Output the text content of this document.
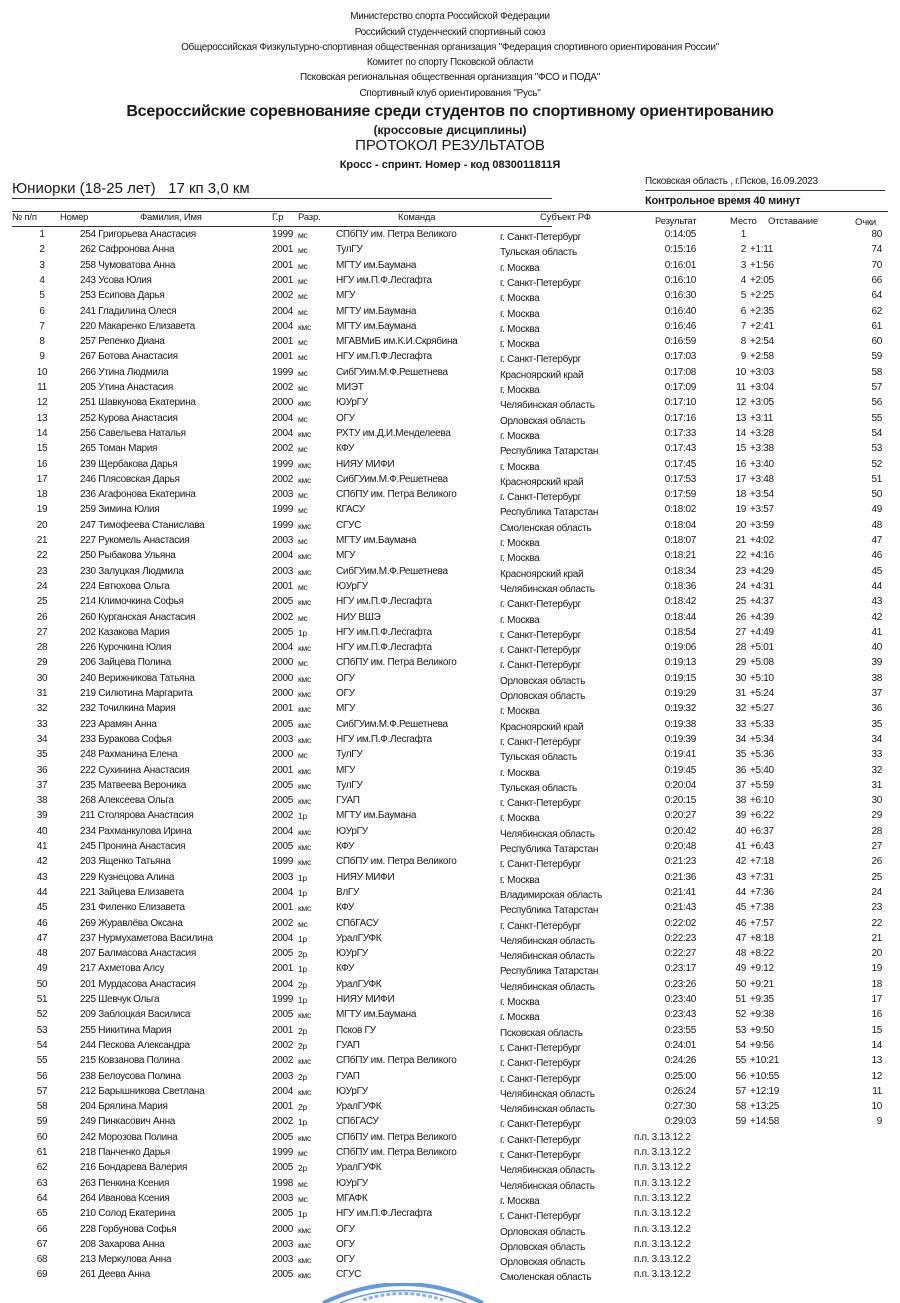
Министерство спорта Российской Федерации
Российский студенческий спортивный союз
Общероссийская Физкультурно-спортивная общественная организация "Федерация спортивного ориентирования России"
Комитет по спорту Псковской области
Псковская региональная общественная организация "ФСО и ПОДА"
Спортивный клуб ориентирования "Русь"
Всероссийские соревнованияе среди студентов по спортивному ориентированию
(кроссовые дисциплины)
ПРОТОКОЛ РЕЗУЛЬТАТОВ
Кросс - спринт. Номер - код 0830011811Я
Юниорки (18-25 лет)   17 кп 3,0 км	Псковская область , г.Псков, 16.09.2023
Контрольное время 40 минут
№ п/п Номер	Фамилия, Имя	Г.р Разр.	Команда	Субъект РФ	Результат	Место Отставание	Очки
1	254 Григорьева Анастасия	1999 мс	СПбПУ им. Петра Великого	г. Санкт-Петербург	0:14:05	1	80
2	262 Сафронова Анна	2001 мс	ТулГУ	Тульская область	0:15:16	2 +1:11	74
3	258 Чумоватова Анна	2001 мс	МГТУ им.Баумана	г. Москва	0:16:01	3 +1:56	70
4	243 Усова Юлия	2001 мс	НГУ им.П.Ф.Лесгафта	г. Санкт-Петербург	0:16:10	4 +2:05	66
5	253 Есипова Дарья	2002 мс	МГУ	г. Москва	0:16:30	5 +2:25	64
6	241 Гладилина Олеся	2004 мс	МГТУ им.Баумана	г. Москва	0:16:40	6 +2:35	62
7	220 Макаренко Елизавета	2004 кмс	МГТУ им.Баумана	г. Москва	0:16:46	7 +2:41	61
8	257 Репенко Диана	2001 мс	МГАВМиБ им.К.И.Скрябина	г. Москва	0:16:59	8 +2:54	60
9	267 Ботова Анастасия	2001 мс	НГУ им.П.Ф.Лесгафта	г. Санкт-Петербург	0:17:03	9 +2:58	59
10	266 Утина Людмила	1999 мс	СибГУим.М.Ф.Решетнева	Красноярский край	0:17:08	10 +3:03	58
11	205 Утина Анастасия	2002 мс	МИЭТ	г. Москва	0:17:09	11 +3:04	57
12	251 Шавкунова Екатерина	2000 кмс	ЮУрГУ	Челябинская область	0:17:10	12 +3:05	56
13	252 Курова Анастасия	2004 мс	ОГУ	Орловская область	0:17:16	13 +3:11	55
14	256 Савельева Наталья	2004 кмс	РХТУ им.Д.И.Менделеева	г. Москва	0:17:33	14 +3:28	54
15	265 Томан Мария	2002 мс	КФУ	Республика Татарстан	0:17:43	15 +3:38	53
16	239 Щербакова Дарья	1999 кмс	НИЯУ МИФИ	г. Москва	0:17:45	16 +3:40	52
17	246 Плясовская Дарья	2002 кмс	СибГУим.М.Ф.Решетнева	Красноярский край	0:17:53	17 +3:48	51
18	236 Агафонова Екатерина	2003 мс	СПбПУ им. Петра Великого	г. Санкт-Петербург	0:17:59	18 +3:54	50
19	259 Зимина Юлия	1999 мс	КГАСУ	Республика Татарстан	0:18:02	19 +3:57	49
20	247 Тимофеева Станислава	1999 кмс	СГУС	Смоленская область	0:18:04	20 +3:59	48
21	227 Рукомель Анастасия	2003 мс	МГТУ им.Баумана	г. Москва	0:18:07	21 +4:02	47
22	250 Рыбакова Ульяна	2004 кмс	МГУ	г. Москва	0:18:21	22 +4:16	46
23	230 Залуцкая Людмила	2003 кмс	СибГУим.М.Ф.Решетнева	Красноярский край	0:18:34	23 +4:29	45
24	224 Евтюхова Ольга	2001 мс	ЮУрГУ	Челябинская область	0:18:36	24 +4:31	44
25	214 Климочкина Софья	2005 кмс	НГУ им.П.Ф.Лесгафта	г. Санкт-Петербург	0:18:42	25 +4:37	43
26	260 Курганская Анастасия	2002 мс	НИУ ВШЭ	г. Москва	0:18:44	26 +4:39	42
27	202 Казакова Мария	2005 1р	НГУ им.П.Ф.Лесгафта	г. Санкт-Петербург	0:18:54	27 +4:49	41
28	226 Курочкина Юлия	2004 кмс	НГУ им.П.Ф.Лесгафта	г. Санкт-Петербург	0:19:06	28 +5:01	40
29	206 Зайцева Полина	2000 мс	СПбПУ им. Петра Великого	г. Санкт-Петербург	0:19:13	29 +5:08	39
30	240 Верижникова Татьяна	2000 кмс	ОГУ	Орловская область	0:19:15	30 +5:10	38
31	219 Силютина Маргарита	2000 кмс	ОГУ	Орловская область	0:19:29	31 +5:24	37
32	232 Точилкина Мария	2001 кмс	МГУ	г. Москва	0:19:32	32 +5:27	36
33	223 Арамян Анна	2005 кмс	СибГУим.М.Ф.Решетнева	Красноярский край	0:19:38	33 +5:33	35
34	233 Буракова Софья	2003 кмс	НГУ им.П.Ф.Лесгафта	г. Санкт-Петербург	0:19:39	34 +5:34	34
35	248 Рахманина Елена	2000 мс	ТулГУ	Тульская область	0:19:41	35 +5:36	33
36	222 Сухинина Анастасия	2001 кмс	МГУ	г. Москва	0:19:45	36 +5:40	32
37	235 Матвеева Вероника	2005 кмс	ТулГУ	Тульская область	0:20:04	37 +5:59	31
38	268 Алексеева Ольга	2005 кмс	ГУАП	г. Санкт-Петербург	0:20:15	38 +6:10	30
39	211 Столярова Анастасия	2002 1р	МГТУ им.Баумана	г. Москва	0:20:27	39 +6:22	29
40	234 Рахманкулова Ирина	2004 кмс	ЮУрГУ	Челябинская область	0:20:42	40 +6:37	28
41	245 Пронина Анастасия	2005 кмс	КФУ	Республика Татарстан	0:20:48	41 +6:43	27
42	203 Ященко Татьяна	1999 кмс	СПбПУ им. Петра Великого	г. Санкт-Петербург	0:21:23	42 +7:18	26
43	229 Кузнецова Алина	2003 1р	НИЯУ МИФИ	г. Москва	0:21:36	43 +7:31	25
44	221 Зайцева Елизавета	2004 1р	ВлГУ	Владимирская область	0:21:41	44 +7:36	24
45	231 Филенко Елизавета	2001 кмс	КФУ	Республика Татарстан	0:21:43	45 +7:38	23
46	269 Журавлёва Оксана	2002 мс	СПбГАСУ	г. Санкт-Петербург	0:22:02	46 +7:57	22
47	237 Нурмухаметова Василина	2004 1р	УралГУФК	Челябинская область	0:22:23	47 +8:18	21
48	207 Балмасова Анастасия	2005 2р	ЮУрГУ	Челябинская область	0:22:27	48 +8:22	20
49	217 Ахметова Алсу	2001 1р	КФУ	Республика Татарстан	0:23:17	49 +9:12	19
50	201 Мурдасова Анастасия	2004 2р	УралГУФК	Челябинская область	0:23:26	50 +9:21	18
51	225 Шевчук Ольга	1999 1р	НИЯУ МИФИ	г. Москва	0:23:40	51 +9:35	17
52	209 Заблоцкая Василиса	2005 кмс	МГТУ им.Баумана	г. Москва	0:23:43	52 +9:38	16
53	255 Никитина Мария	2001 2р	Псков ГУ	Псковская область	0:23:55	53 +9:50	15
54	244 Пескова Александра	2002 2р	ГУАП	г. Санкт-Петербург	0:24:01	54 +9:56	14
55	215 Ковзанова Полина	2002 кмс	СПбПУ им. Петра Великого	г. Санкт-Петербург	0:24:26	55 +10:21	13
56	238 Белоусова Полина	2003 2р	ГУАП	г. Санкт-Петербург	0:25:00	56 +10:55	12
57	212 Барышникова Светлана	2004 кмс	ЮУрГУ	Челябинская область	0:26:24	57 +12:19	11
58	204 Брялина Мария	2001 2р	УралГУФК	Челябинская область	0:27:30	58 +13:25	10
59	249 Пинкасович Анна	2002 1р	СПбГАСУ	г. Санкт-Петербург	0:29:03	59 +14:58	9
60	242 Морозова Полина	2005 кмс	СПбПУ им. Петра Великого	г. Санкт-Петербург	п.п. 3.13.12.2
61	218 Панченко Дарья	1999 мс	СПбПУ им. Петра Великого	г. Санкт-Петербург	п.п. 3.13.12.2
62	216 Бондарева Валерия	2005 2р	УралГУФК	Челябинская область	п.п. 3.13.12.2
63	263 Пенкина Ксения	1998 мс	ЮУрГУ	Челябинская область	п.п. 3.13.12.2
64	264 Иванова Ксения	2003 мс	МГАФК	г. Москва	п.п. 3.13.12.2
65	210 Солод Екатерина	2005 1р	НГУ им.П.Ф.Лесгафта	г. Санкт-Петербург	п.п. 3.13.12.2
66	228 Горбунова Софья	2000 кмс	ОГУ	Орловская область	п.п. 3.13.12.2
67	208 Захарова Анна	2003 кмс	ОГУ	Орловская область	п.п. 3.13.12.2
68	213 Меркулова Анна	2003 кмс	ОГУ	Орловская область	п.п. 3.13.12.2
69	261 Деева Анна	2005 кмс	СГУС	Смоленская область	п.п. 3.13.12.2
